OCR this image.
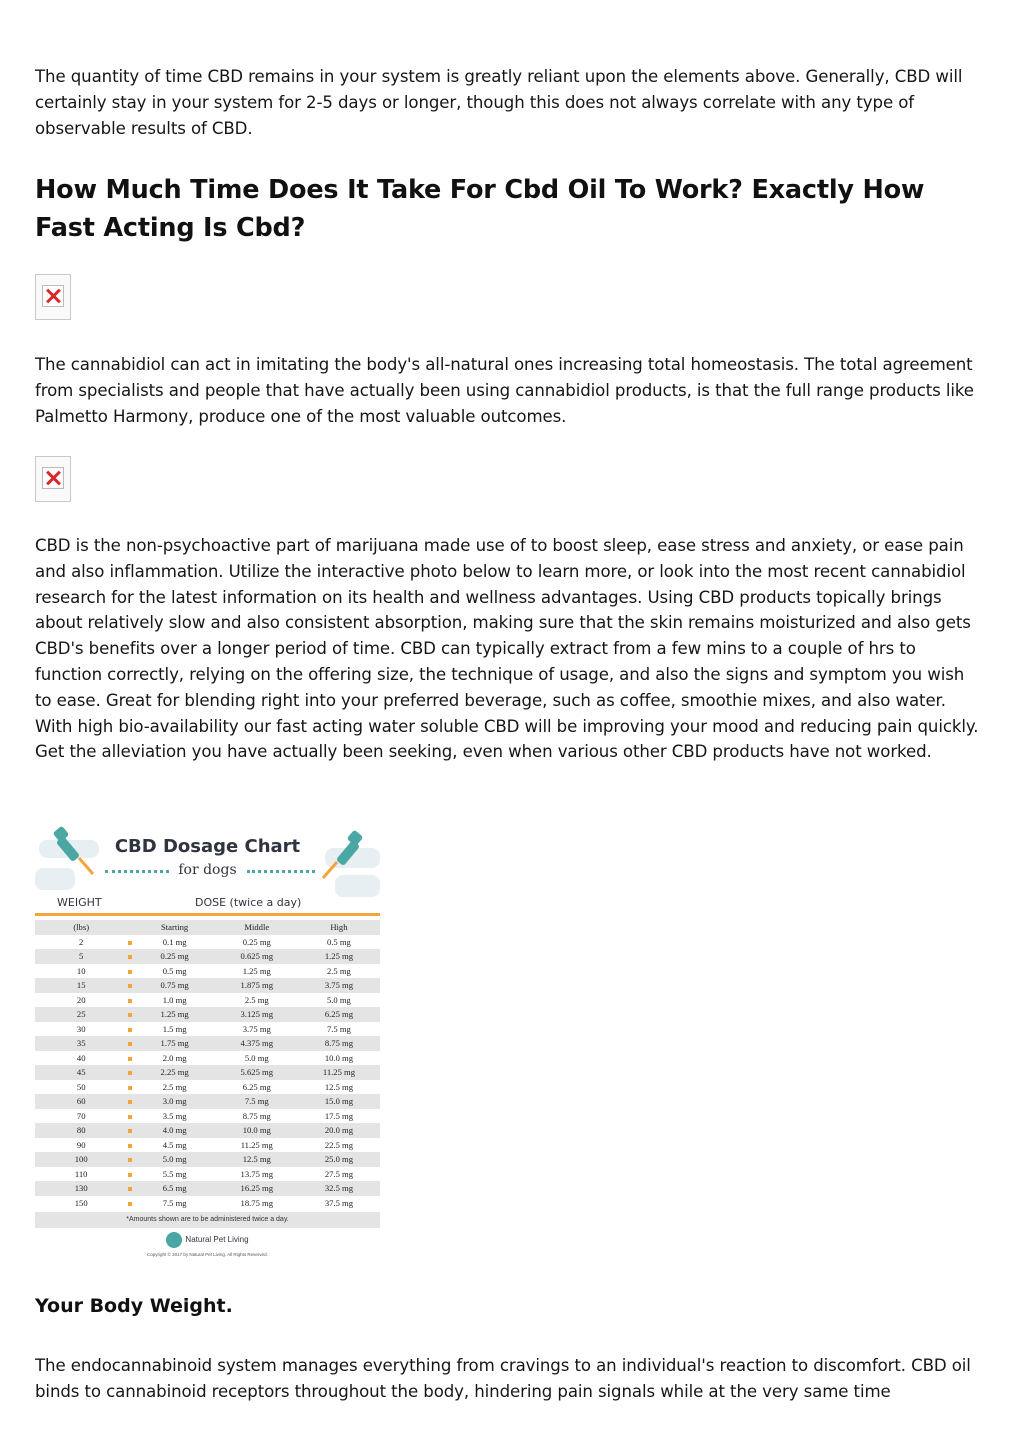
The quantity of time CBD remains in your system is greatly reliant upon the elements above. Generally, CBD will certainly stay in your system for 2-5 days or longer, though this does not always correlate with any type of observable results of CBD.

How Much Time Does It Take For Cbd Oil To Work? Exactly How Fast Acting Is Cbd?

The cannabidiol can act in imitating the body's all-natural ones increasing total homeostasis. The total agreement from specialists and people that have actually been using cannabidiol products, is that the full range products like Palmetto Harmony, produce one of the most valuable outcomes.

CBD is the non-psychoactive part of marijuana made use of to boost sleep, ease stress and anxiety, or ease pain and also inflammation. Utilize the interactive photo below to learn more, or look into the most recent cannabidiol research for the latest information on its health and wellness advantages. Using CBD products topically brings about relatively slow and also consistent absorption, making sure that the skin remains moisturized and also gets CBD's benefits over a longer period of time. CBD can typically extract from a few mins to a couple of hrs to function correctly, relying on the offering size, the technique of usage, and also the signs and symptom you wish to ease. Great for blending right into your preferred beverage, such as coffee, smoothie mixes, and also water. With high bio-availability our fast acting water soluble CBD will be improving your mood and reducing pain quickly. Get the alleviation you have actually been seeking, even when various other CBD products have not worked.

CBD Dosage Chart
for dogs
WEIGHT	DOSE (twice a day)
(lbs)		Starting	Middle	High
2		0.1 mg	0.25 mg	0.5 mg
5		0.25 mg	0.625 mg	1.25 mg
10		0.5 mg	1.25 mg	2.5 mg
15		0.75 mg	1.875 mg	3.75 mg
20		1.0 mg	2.5 mg	5.0 mg
25		1.25 mg	3.125 mg	6.25 mg
30		1.5 mg	3.75 mg	7.5 mg
35		1.75 mg	4.375 mg	8.75 mg
40		2.0 mg	5.0 mg	10.0 mg
45		2.25 mg	5.625 mg	11.25 mg
50		2.5 mg	6.25 mg	12.5 mg
60		3.0 mg	7.5 mg	15.0 mg
70		3.5 mg	8.75 mg	17.5 mg
80		4.0 mg	10.0 mg	20.0 mg
90		4.5 mg	11.25 mg	22.5 mg
100		5.0 mg	12.5 mg	25.0 mg
110		5.5 mg	13.75 mg	27.5 mg
130		6.5 mg	16.25 mg	32.5 mg
150		7.5 mg	18.75 mg	37.5 mg
*Amounts shown are to be administered twice a day.
Natural Pet Living
Copyright © 2017 by Natural Pet Living. All Rights Reserved.
Your Body Weight.

The endocannabinoid system manages everything from cravings to an individual's reaction to discomfort. CBD oil binds to cannabinoid receptors throughout the body, hindering pain signals while at the very same time
